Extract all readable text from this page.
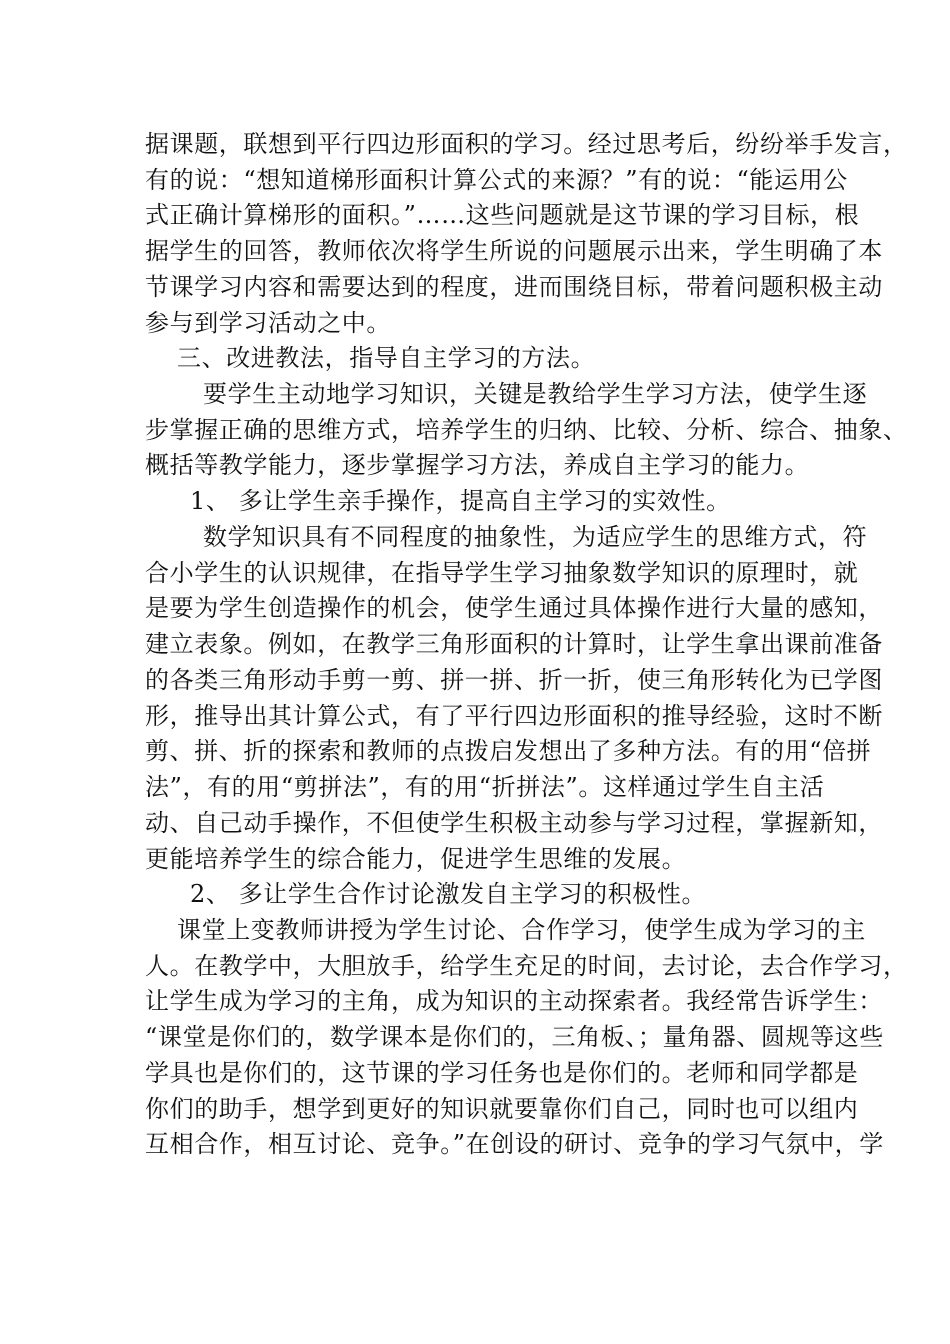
据课题，联想到平行四边形面积的学习。经过思考后，纷纷举手发言，
有的说：“想知道梯形面积计算公式的来源？”有的说：“能运用公
式正确计算梯形的面积。”……这些问题就是这节课的学习目标，根
据学生的回答，教师依次将学生所说的问题展示出来，学生明确了本
节课学习内容和需要达到的程度，进而围绕目标，带着问题积极主动
参与到学习活动之中。
三、改进教法，指导自主学习的方法。
要学生主动地学习知识，关键是教给学生学习方法，使学生逐
步掌握正确的思维方式，培养学生的归纳、比较、分析、综合、抽象、
概括等教学能力，逐步掌握学习方法，养成自主学习的能力。
1、 多让学生亲手操作，提高自主学习的实效性。
数学知识具有不同程度的抽象性，为适应学生的思维方式，符
合小学生的认识规律，在指导学生学习抽象数学知识的原理时，就
是要为学生创造操作的机会，使学生通过具体操作进行大量的感知，
建立表象。例如，在教学三角形面积的计算时，让学生拿出课前准备
的各类三角形动手剪一剪、拼一拼、折一折，使三角形转化为已学图
形，推导出其计算公式，有了平行四边形面积的推导经验，这时不断
剪、拼、折的探索和教师的点拨启发想出了多种方法。有的用“倍拼
法”，有的用“剪拼法”，有的用“折拼法”。这样通过学生自主活
动、自己动手操作，不但使学生积极主动参与学习过程，掌握新知，
更能培养学生的综合能力，促进学生思维的发展。
2、 多让学生合作讨论激发自主学习的积极性。
课堂上变教师讲授为学生讨论、合作学习，使学生成为学习的主
人。在教学中，大胆放手，给学生充足的时间，去讨论，去合作学习，
让学生成为学习的主角，成为知识的主动探索者。我经常告诉学生：
“课堂是你们的，数学课本是你们的，三角板、；量角器、圆规等这些
学具也是你们的，这节课的学习任务也是你们的。老师和同学都是
你们的助手，想学到更好的知识就要靠你们自己，同时也可以组内
互相合作，相互讨论、竞争。”在创设的研讨、竞争的学习气氛中，学
